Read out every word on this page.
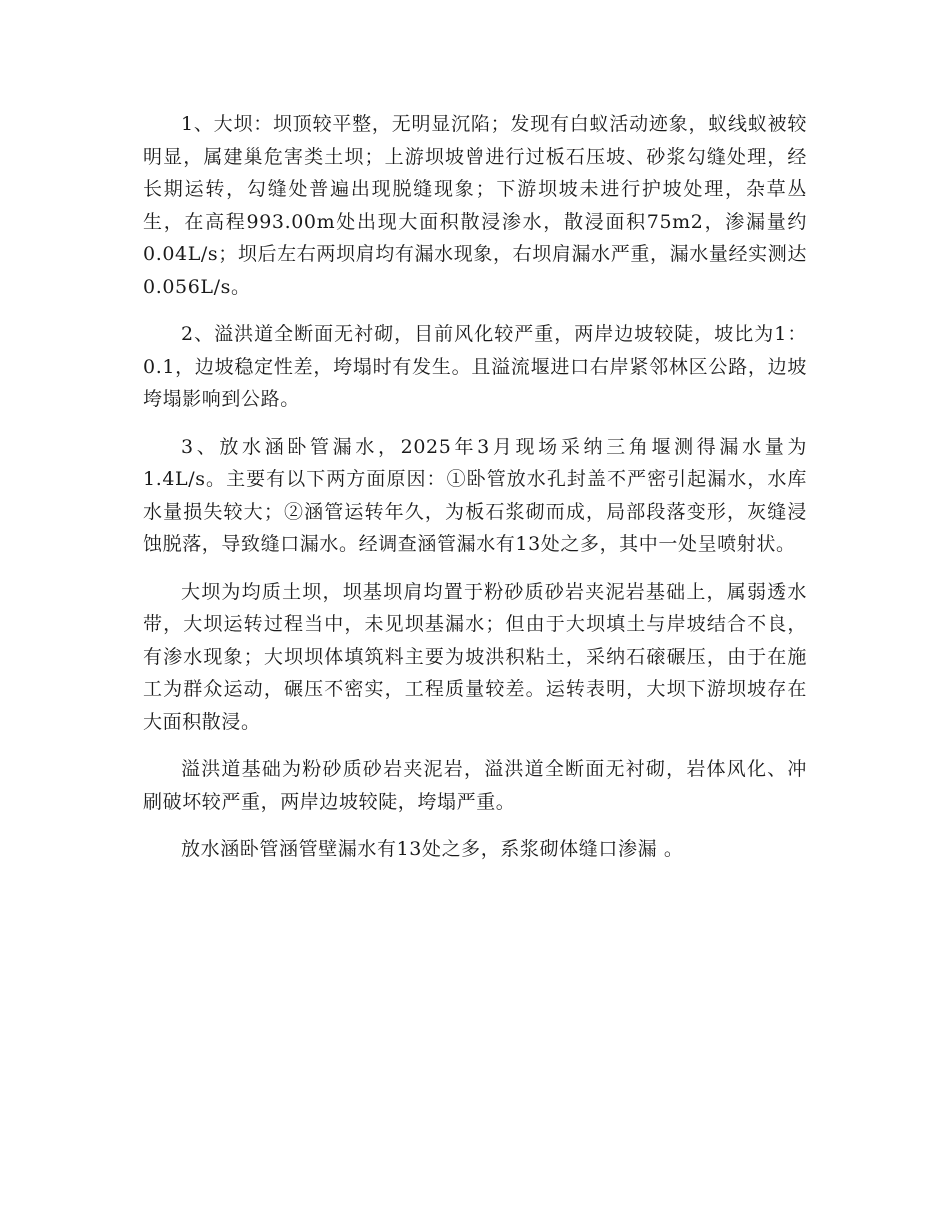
1、大坝：坝顶较平整，无明显沉陷；发现有白蚁活动迹象，蚁线蚁被较明显，属建巢危害类土坝；上游坝坡曾进行过板石压坡、砂浆勾缝处理，经长期运转，勾缝处普遍出现脱缝现象；下游坝坡未进行护坡处理，杂草丛生，在高程993.00m处出现大面积散浸渗水，散浸面积75m2，渗漏量约0.04L/s；坝后左右两坝肩均有漏水现象，右坝肩漏水严重，漏水量经实测达0.056L/s。

2、溢洪道全断面无衬砌，目前风化较严重，两岸边坡较陡，坡比为1：0.1，边坡稳定性差，垮塌时有发生。且溢流堰进口右岸紧邻林区公路，边坡垮塌影响到公路。

3、放水涵卧管漏水，2025年3月现场采纳三角堰测得漏水量为1.4L/s。主要有以下两方面原因：①卧管放水孔封盖不严密引起漏水，水库水量损失较大；②涵管运转年久，为板石浆砌而成，局部段落变形，灰缝浸蚀脱落，导致缝口漏水。经调查涵管漏水有13处之多，其中一处呈喷射状。

大坝为均质土坝，坝基坝肩均置于粉砂质砂岩夹泥岩基础上，属弱透水带，大坝运转过程当中，未见坝基漏水；但由于大坝填土与岸坡结合不良，有渗水现象；大坝坝体填筑料主要为坡洪积粘土，采纳石磙碾压，由于在施工为群众运动，碾压不密实，工程质量较差。运转表明，大坝下游坝坡存在大面积散浸。

溢洪道基础为粉砂质砂岩夹泥岩，溢洪道全断面无衬砌，岩体风化、冲刷破坏较严重，两岸边坡较陡，垮塌严重。

放水涵卧管涵管壁漏水有13处之多，系浆砌体缝口渗漏 。
